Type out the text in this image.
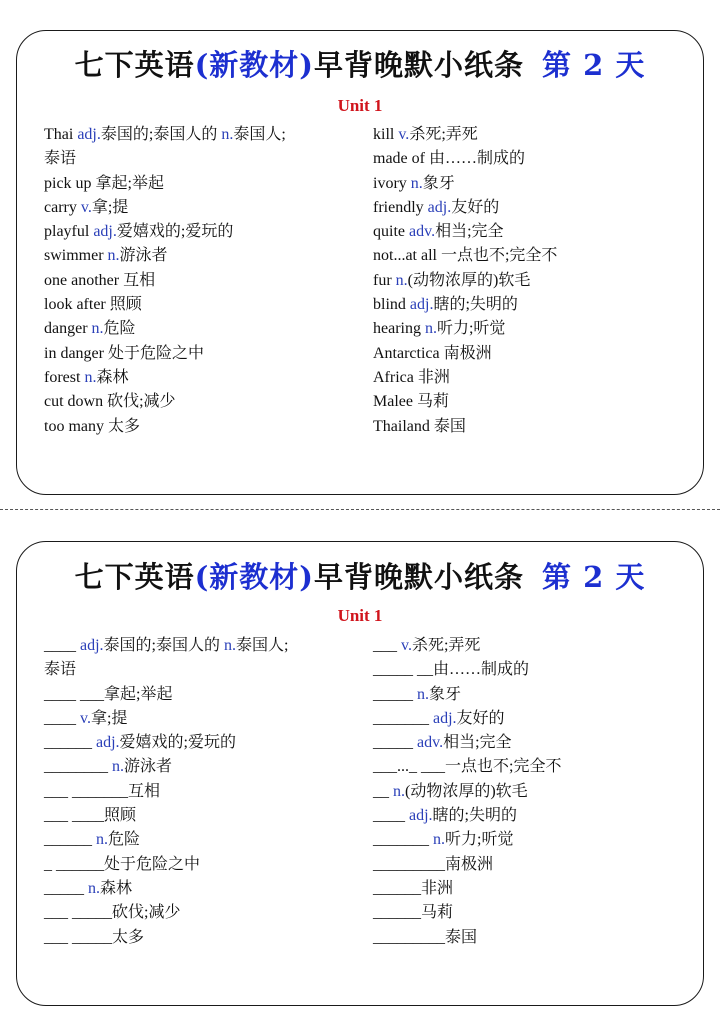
七下英语(新教材)早背晚默小纸条 第 2 天
Unit 1
Thai adj.泰国的;泰国人的 n.泰国人;
泰语
pick up 拿起;举起
carry v.拿;提
playful adj.爱嬉戏的;爱玩的
swimmer n.游泳者
one another 互相
look after 照顾
danger n.危险
in danger 处于危险之中
forest n.森林
cut down 砍伐;减少
too many 太多
kill v.杀死;弄死
made of 由……制成的
ivory n.象牙
friendly adj.友好的
quite adv.相当;完全
not...at all 一点也不;完全不
fur n.(动物浓厚的)软毛
blind adj.瞎的;失明的
hearing n.听力;听觉
Antarctica 南极洲
Africa 非洲
Malee 马莉
Thailand 泰国
七下英语(新教材)早背晚默小纸条 第 2 天
Unit 1
____ adj.泰国的;泰国人的 n.泰国人;
泰语
____ ___拿起;举起
____ v.拿;提
______ adj.爱嬉戏的;爱玩的
________ n.游泳者
___ _______互相
___ ____照顾
______ n.危险
_ ______处于危险之中
_____ n.森林
___ _____砍伐;减少
___ _____太多
___ v.杀死;弄死
_____ __由……制成的
_____ n.象牙
_______ adj.友好的
_____ adv.相当;完全
___..._ ___一点也不;完全不
__ n.(动物浓厚的)软毛
____ adj.瞎的;失明的
_______ n.听力;听觉
_________南极洲
______非洲
______马莉
_________泰国
